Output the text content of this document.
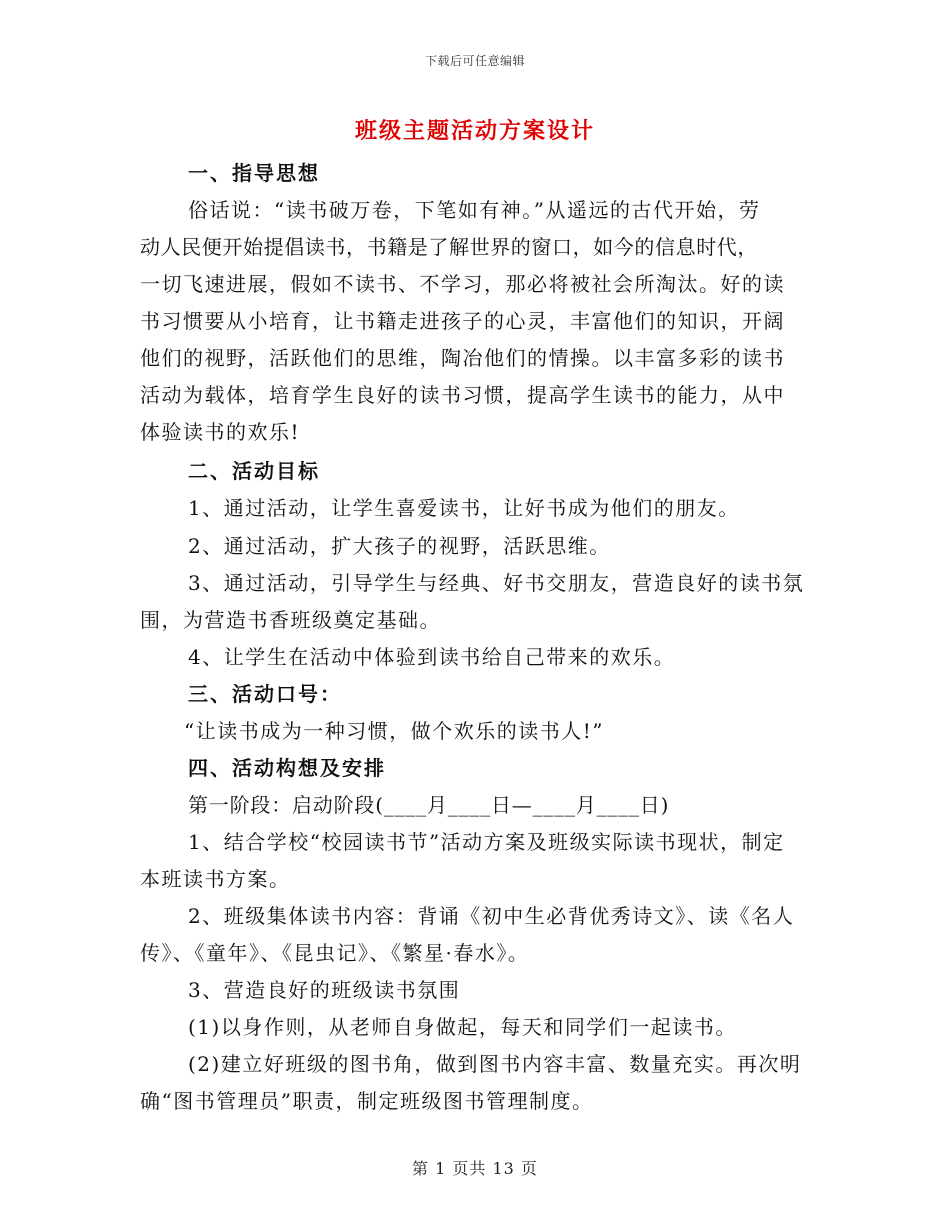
下载后可任意编辑
班级主题活动方案设计
一、指导思想
俗话说：“读书破万卷，下笔如有神。”从遥远的古代开始，劳
动人民便开始提倡读书，书籍是了解世界的窗口，如今的信息时代，
一切飞速进展，假如不读书、不学习，那必将被社会所淘汰。好的读
书习惯要从小培育，让书籍走进孩子的心灵，丰富他们的知识，开阔
他们的视野，活跃他们的思维，陶冶他们的情操。以丰富多彩的读书
活动为载体，培育学生良好的读书习惯，提高学生读书的能力，从中
体验读书的欢乐!
二、活动目标
1、通过活动，让学生喜爱读书，让好书成为他们的朋友。
2、通过活动，扩大孩子的视野，活跃思维。
3、通过活动，引导学生与经典、好书交朋友，营造良好的读书氛
围，为营造书香班级奠定基础。
4、让学生在活动中体验到读书给自己带来的欢乐。
三、活动口号：
“让读书成为一种习惯，做个欢乐的读书人!”
四、活动构想及安排
第一阶段：启动阶段(____月____日—____月____日)
1、结合学校“校园读书节”活动方案及班级实际读书现状，制定
本班读书方案。
2、班级集体读书内容：背诵《初中生必背优秀诗文》、读《名人
传》、《童年》、《昆虫记》、《繁星·春水》。
3、营造良好的班级读书氛围
(1)以身作则，从老师自身做起，每天和同学们一起读书。
(2)建立好班级的图书角，做到图书内容丰富、数量充实。再次明
确“图书管理员”职责，制定班级图书管理制度。
第 1 页共 13 页
